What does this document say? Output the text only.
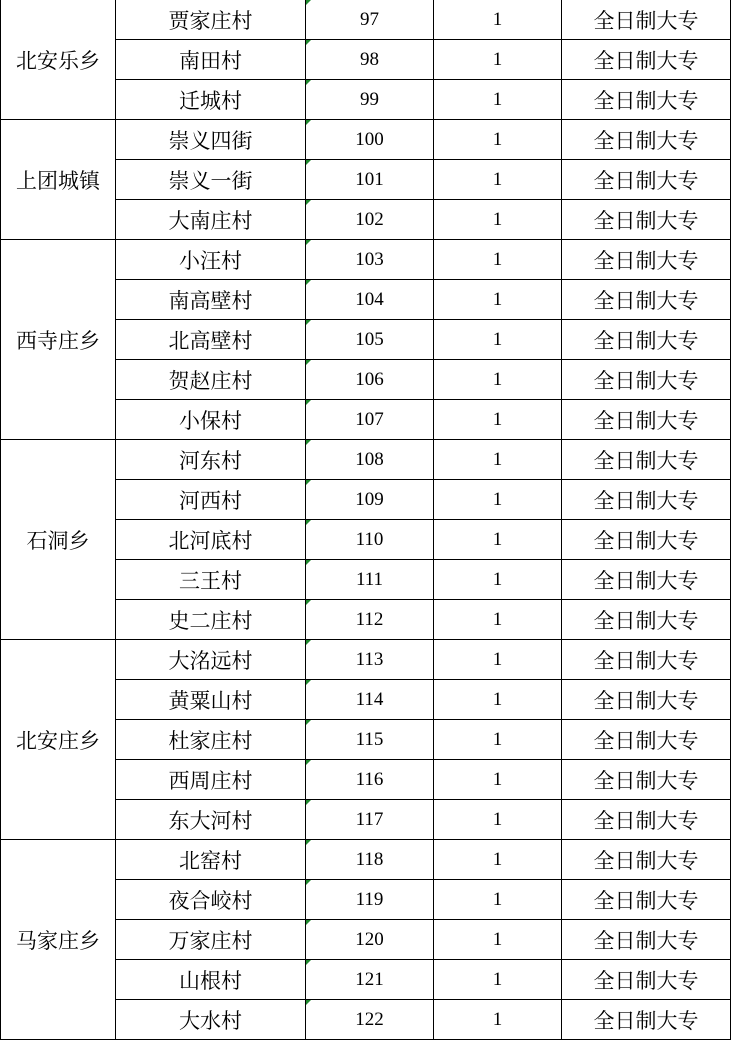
北安乐乡	贾家庄村	97	1	全日制大专
	南田村	98	1	全日制大专
	迁城村	99	1	全日制大专
上团城镇	崇义四街	100	1	全日制大专
	崇义一街	101	1	全日制大专
	大南庄村	102	1	全日制大专
西寺庄乡	小汪村	103	1	全日制大专
	南高壁村	104	1	全日制大专
	北高壁村	105	1	全日制大专
	贺赵庄村	106	1	全日制大专
	小保村	107	1	全日制大专
石洞乡	河东村	108	1	全日制大专
	河西村	109	1	全日制大专
	北河底村	110	1	全日制大专
	三王村	111	1	全日制大专
	史二庄村	112	1	全日制大专
北安庄乡	大洺远村	113	1	全日制大专
	黄粟山村	114	1	全日制大专
	杜家庄村	115	1	全日制大专
	西周庄村	116	1	全日制大专
	东大河村	117	1	全日制大专
马家庄乡	北窑村	118	1	全日制大专
	夜合峧村	119	1	全日制大专
	万家庄村	120	1	全日制大专
	山根村	121	1	全日制大专
	大水村	122	1	全日制大专
